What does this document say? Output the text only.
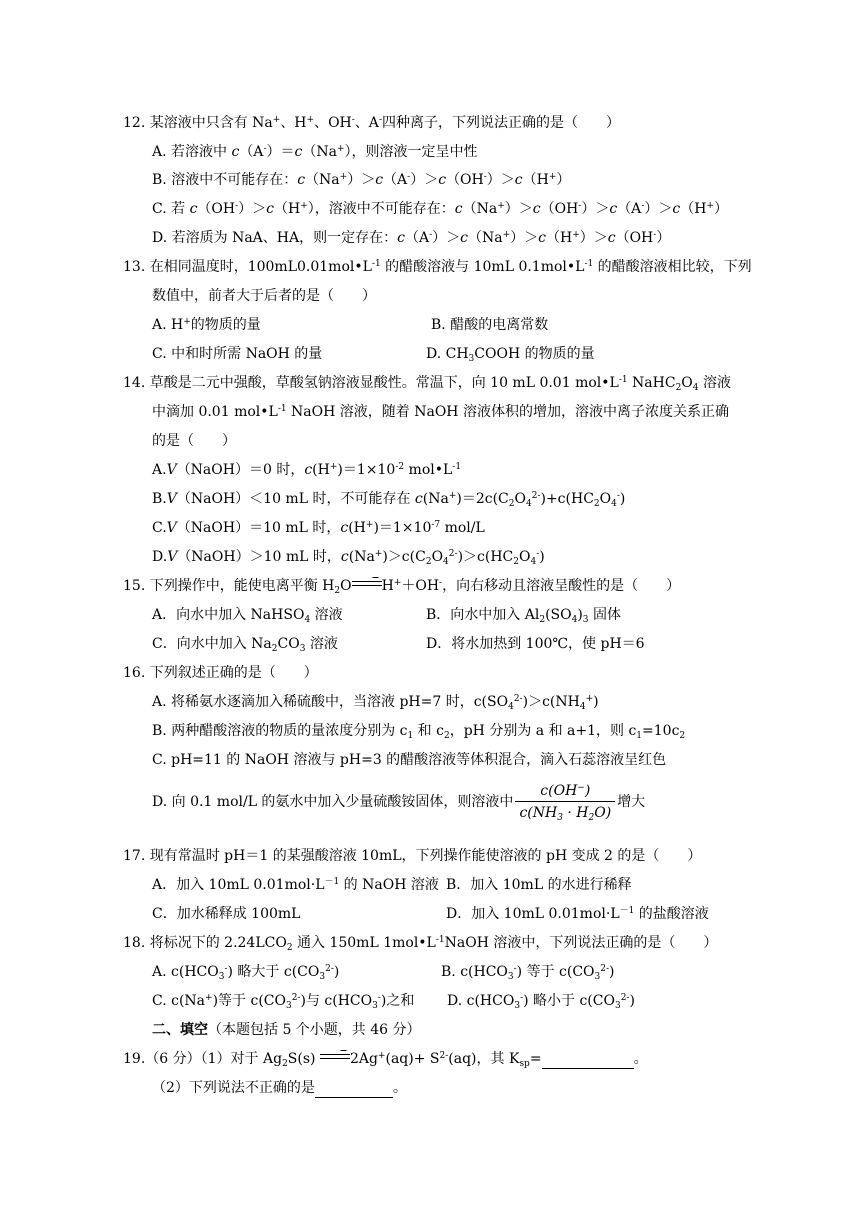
12. 某溶液中只含有 Na+、H+、OH-、A-四种离子，下列说法正确的是（　　）
A. 若溶液中 c（A-）＝c（Na+），则溶液一定呈中性
B. 溶液中不可能存在：c（Na+）＞c（A-）＞c（OH-）＞c（H+）
C. 若 c（OH-）＞c（H+），溶液中不可能存在：c（Na+）＞c（OH-）＞c（A-）＞c（H+）
D. 若溶质为 NaA、HA，则一定存在：c（A-）＞c（Na+）＞c（H+）＞c（OH-）
13. 在相同温度时，$100mL0.01mol•L^{-1}$ 的醋酸溶液与 10mL $0.1mol•L^{-1}$ 的醋酸溶液相比较，下列
数值中，前者大于后者的是（　　）
A. H+的物质的量	B. 醋酸的电离常数
C. 中和时所需 NaOH 的量	D. $CH_3COOH$ 的物质的量
14. 草酸是二元中强酸，草酸氢钠溶液显酸性。常温下，向 10 mL 0.01 $mol•L^{-1}$ $NaHC_2O_4$ 溶液
中滴加 0.01 $mol•L^{-1}$ NaOH 溶液，随着 NaOH 溶液体积的增加，溶液中离子浓度关系正确
的是（　　）
A.V（NaOH）＝0 时，$c(H^+)=1\times 10^{-2}$ $mol•L^{-1}$
B.V（NaOH）＜10 mL 时，不可能存在 $c(Na^+)=2c(C_2O_4^{2-})+c(HC_2O_4^-)$
C.V（NaOH）＝10 mL 时，$c(H^+)=1\times 10^{-7}$ mol/L
D.V（NaOH）＞10 mL 时，$c(Na^+)>c(C_2O_4^{2-})>c(HC_2O_4^-)$
15. 下列操作中，能使电离平衡 $H_2O$ H+＋OH-，向右移动且溶液呈酸性的是（　　）
A．向水中加入 NaHSO$_4$ 溶液	B．向水中加入 $Al_2(SO_4)_3$ 固体
C．向水中加入 $Na_2CO_3$ 溶液	D．将水加热到 100℃，使 pH＝6
16. 下列叙述正确的是（　　）
A. 将稀氨水逐滴加入稀硫酸中，当溶液 pH=7 时，$c(SO_4^{2-})>c(NH_4^+)$
B. 两种醋酸溶液的物质的量浓度分别为 $c_1$ 和 $c_2$，pH 分别为 a 和 a+1，则 $c_1=10c_2$
C. pH=11 的 NaOH 溶液与 pH=3 的醋酸溶液等体积混合，滴入石蕊溶液呈红色
D. 向 0.1 mol/L 的氨水中加入少量硫酸铵固体，则溶液中 $\frac{c(OH^-)}{c(NH_3 \cdot H_2O)}$ 增大
17. 现有常温时 pH＝1 的某强酸溶液 10mL，下列操作能使溶液的 pH 变成 2 的是（　　）
A．加入 10mL $0.01mol\cdot L^{-1}$ 的 NaOH 溶液 B．加入 10mL 的水进行稀释
C．加水稀释成 100mL	D．加入 10mL $0.01mol\cdot L^{-1}$ 的盐酸溶液
18. 将标况下的 $2.24LCO_2$ 通入 150mL $1mol•L^{-1}NaOH$ 溶液中，下列说法正确的是（　　）
A. $c(HCO_3^-)$ 略大于 $c(CO_3^{2-})$	B. $c(HCO_3^-)$ 等于 $c(CO_3^{2-})$
C. c(Na+)等于 $c(CO_3^{2-})$与 $c(HCO_3^-)$之和 D. $c(HCO_3^-)$ 略小于 $c(CO_3^{2-})$
二、填空（本题包括 5 个小题，共 46 分）
19.（6 分）（1）对于 $Ag_2S(s)$
$2Ag^+(aq)+ S^{2-}(aq)$，其 $K_{sp}=$	。
（2）下列说法不正确的是	。
